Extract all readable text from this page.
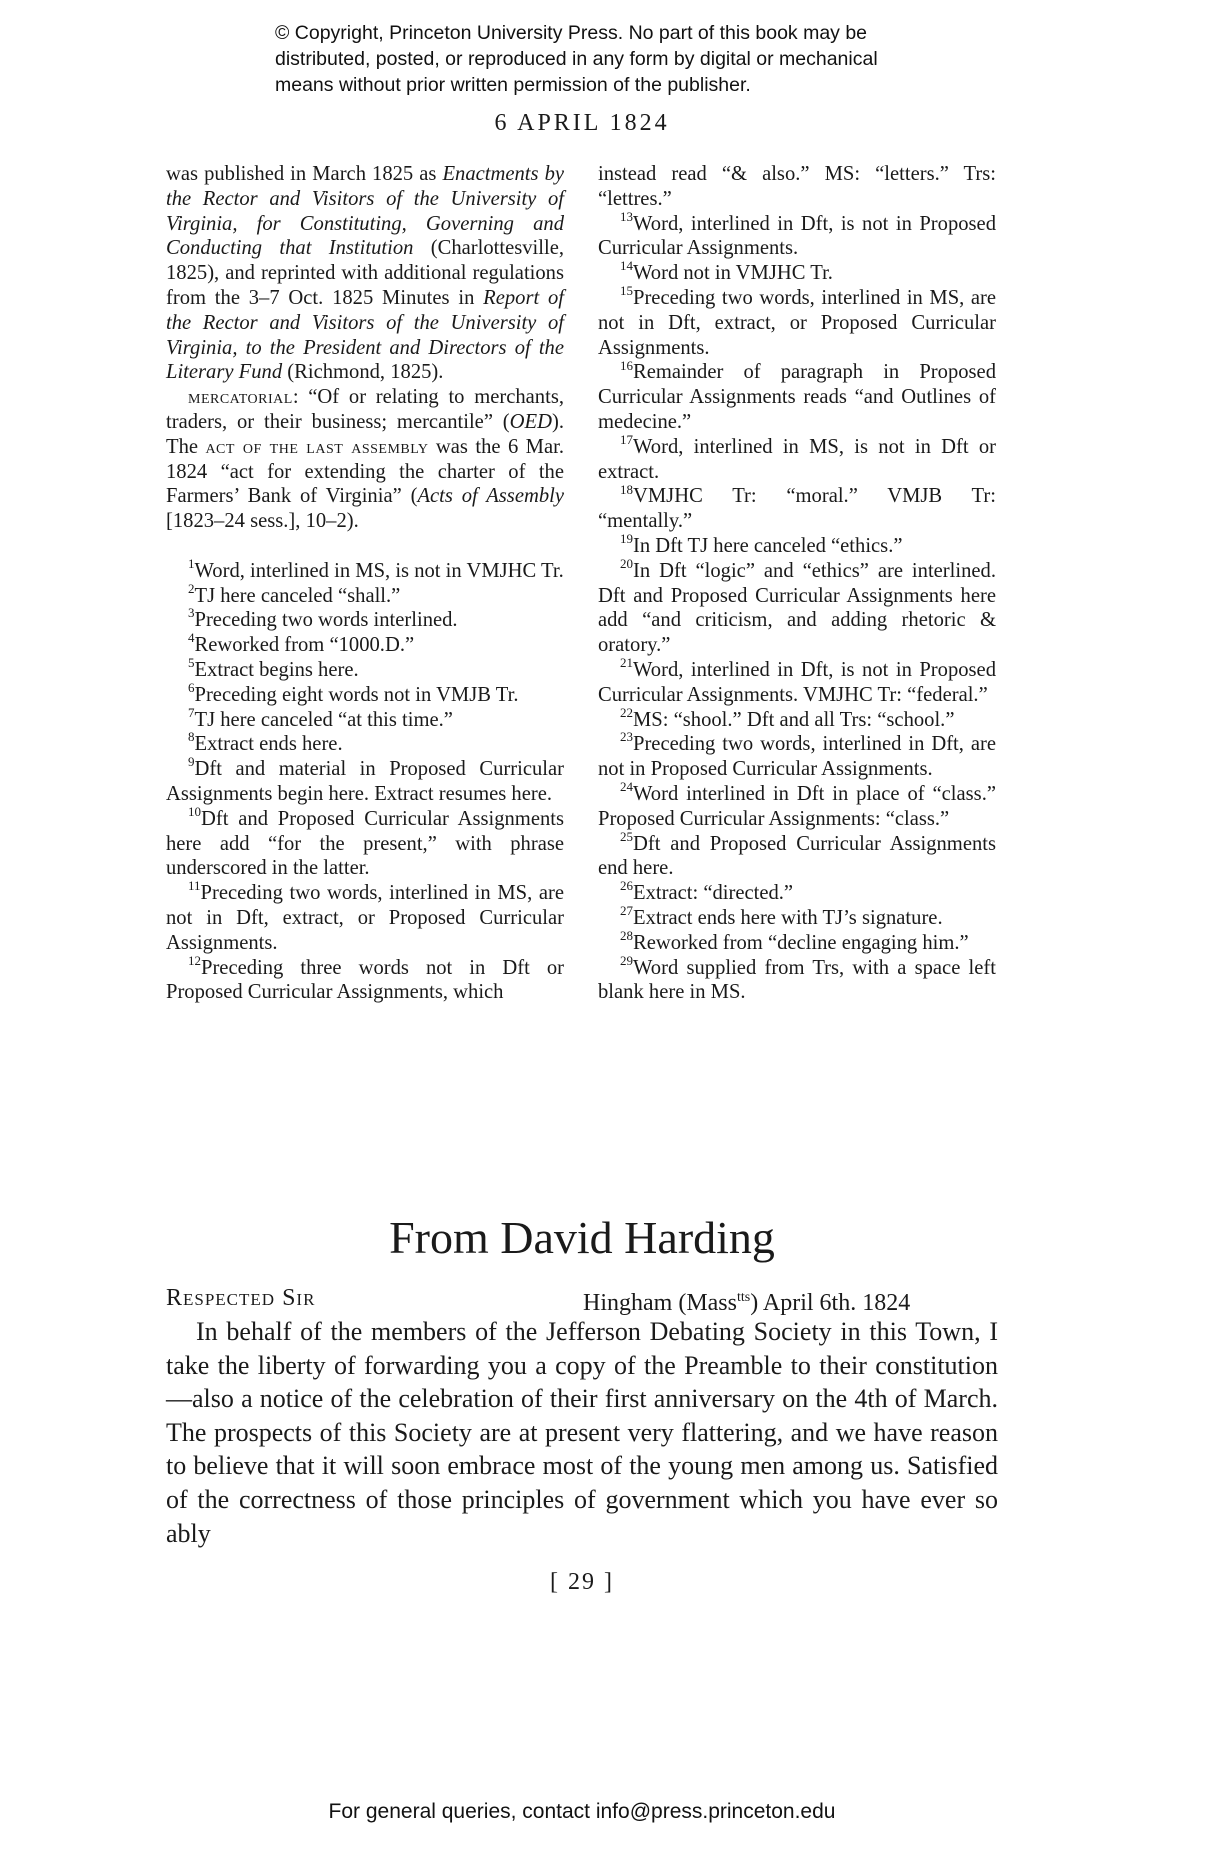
© Copyright, Princeton University Press. No part of this book may be
distributed, posted, or reproduced in any form by digital or mechanical
means without prior written permission of the publisher.
6 APRIL 1824
was published in March 1825 as Enactments by the Rector and Visitors of the University of Virginia, for Constituting, Governing and Conducting that Institution (Charlottesville, 1825), and reprinted with additional regulations from the 3–7 Oct. 1825 Minutes in Report of the Rector and Visitors of the University of Virginia, to the President and Directors of the Literary Fund (Richmond, 1825).
mercatorial: “Of or relating to merchants, traders, or their business; mercantile” (OED). The act of the last assembly was the 6 Mar. 1824 “act for extending the charter of the Farmers’ Bank of Virginia” (Acts of Assembly [1823–24 sess.], 10–2).
$^1$Word, interlined in MS, is not in VMJHC Tr.
$^2$TJ here canceled “shall.”
$^3$Preceding two words interlined.
$^4$Reworked from “1000.D.”
$^5$Extract begins here.
$^6$Preceding eight words not in VMJB Tr.
$^7$TJ here canceled “at this time.”
$^8$Extract ends here.
$^9$Dft and material in Proposed Curricular Assignments begin here. Extract resumes here.
$^{10}$Dft and Proposed Curricular Assignments here add “for the present,” with phrase underscored in the latter.
$^{11}$Preceding two words, interlined in MS, are not in Dft, extract, or Proposed Curricular Assignments.
$^{12}$Preceding three words not in Dft or Proposed Curricular Assignments, which
instead read “& also.” MS: “letters.” Trs: “lettres.”
$^{13}$Word, interlined in Dft, is not in Proposed Curricular Assignments.
$^{14}$Word not in VMJHC Tr.
$^{15}$Preceding two words, interlined in MS, are not in Dft, extract, or Proposed Curricular Assignments.
$^{16}$Remainder of paragraph in Proposed Curricular Assignments reads “and Outlines of medecine.”
$^{17}$Word, interlined in MS, is not in Dft or extract.
$^{18}$VMJHC Tr: “moral.” VMJB Tr: “mentally.”
$^{19}$In Dft TJ here canceled “ethics.”
$^{20}$In Dft “logic” and “ethics” are interlined. Dft and Proposed Curricular Assignments here add “and criticism, and adding rhetoric & oratory.”
$^{21}$Word, interlined in Dft, is not in Proposed Curricular Assignments. VMJHC Tr: “federal.”
$^{22}$MS: “shool.” Dft and all Trs: “school.”
$^{23}$Preceding two words, interlined in Dft, are not in Proposed Curricular Assignments.
$^{24}$Word interlined in Dft in place of “class.” Proposed Curricular Assignments: “class.”
$^{25}$Dft and Proposed Curricular Assignments end here.
$^{26}$Extract: “directed.”
$^{27}$Extract ends here with TJ’s signature.
$^{28}$Reworked from “decline engaging him.”
$^{29}$Word supplied from Trs, with a space left blank here in MS.
From David Harding
Respected Sir	Hingham (Mass$^{tts}$) April 6th. 1824
In behalf of the members of the Jefferson Debating Society in this Town, I take the liberty of forwarding you a copy of the Preamble to their constitution—also a notice of the celebration of their first anniversary on the 4th of March. The prospects of this Society are at present very flattering, and we have reason to believe that it will soon embrace most of the young men among us. Satisfied of the correctness of those principles of government which you have ever so ably
[ 29 ]
For general queries, contact info@press.princeton.edu
